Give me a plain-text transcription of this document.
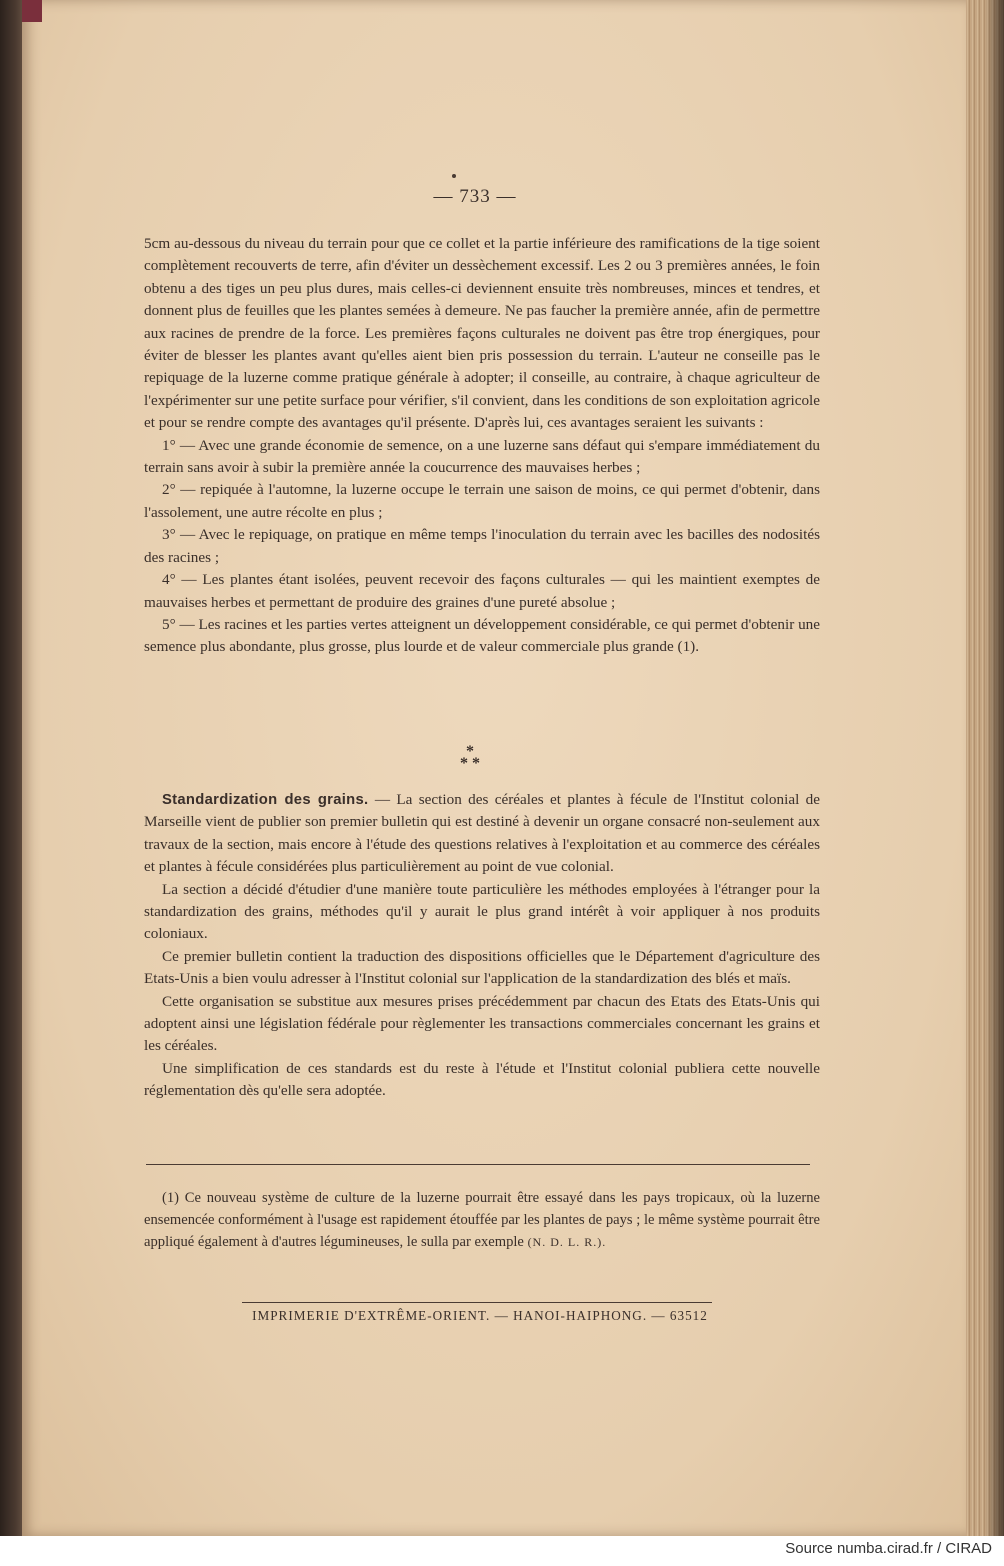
— 733 —

5cm au-dessous du niveau du terrain pour que ce collet et la partie inférieure des ramifications de la tige soient complètement recouverts de terre, afin d'éviter un dessèchement excessif. Les 2 ou 3 premières années, le foin obtenu a des tiges un peu plus dures, mais celles-ci deviennent ensuite très nombreuses, minces et tendres, et donnent plus de feuilles que les plantes semées à demeure. Ne pas faucher la première année, afin de permettre aux racines de prendre de la force. Les premières façons culturales ne doivent pas être trop énergiques, pour éviter de blesser les plantes avant qu'elles aient bien pris possession du terrain. L'auteur ne conseille pas le repiquage de la luzerne comme pratique générale à adopter; il conseille, au contraire, à chaque agriculteur de l'expérimenter sur une petite surface pour vérifier, s'il convient, dans les conditions de son exploitation agricole et pour se rendre compte des avantages qu'il présente. D'après lui, ces avantages seraient les suivants :

1° — Avec une grande économie de semence, on a une luzerne sans défaut qui s'empare immédiatement du terrain sans avoir à subir la première année la coucurrence des mauvaises herbes ;

2° — repiquée à l'automne, la luzerne occupe le terrain une saison de moins, ce qui permet d'obtenir, dans l'assolement, une autre récolte en plus ;

3° — Avec le repiquage, on pratique en même temps l'inoculation du terrain avec les bacilles des nodosités des racines ;

4° — Les plantes étant isolées, peuvent recevoir des façons culturales — qui les maintient exemptes de mauvaises herbes et permettant de produire des graines d'une pureté absolue ;

5° — Les racines et les parties vertes atteignent un développement considérable, ce qui permet d'obtenir une semence plus abondante, plus grosse, plus lourde et de valeur commerciale plus grande (1).

*
* *

Standardization des grains. — La section des céréales et plantes à fécule de l'Institut colonial de Marseille vient de publier son premier bulletin qui est destiné à devenir un organe consacré non-seulement aux travaux de la section, mais encore à l'étude des questions relatives à l'exploitation et au commerce des céréales et plantes à fécule considérées plus particulièrement au point de vue colonial.

La section a décidé d'étudier d'une manière toute particulière les méthodes employées à l'étranger pour la standardization des grains, méthodes qu'il y aurait le plus grand intérêt à voir appliquer à nos produits coloniaux.

Ce premier bulletin contient la traduction des dispositions officielles que le Département d'agriculture des Etats-Unis a bien voulu adresser à l'Institut colonial sur l'application de la standardization des blés et maïs.

Cette organisation se substitue aux mesures prises précédemment par chacun des Etats des Etats-Unis qui adoptent ainsi une législation fédérale pour règlementer les transactions commerciales concernant les grains et les céréales.

Une simplification de ces standards est du reste à l'étude et l'Institut colonial publiera cette nouvelle réglementation dès qu'elle sera adoptée.

(1) Ce nouveau système de culture de la luzerne pourrait être essayé dans les pays tropicaux, où la luzerne ensemencée conformément à l'usage est rapidement étouffée par les plantes de pays ; le même système pourrait être appliqué également à d'autres légumineuses, le sulla par exemple (N. D. L. R.).

IMPRIMERIE D'EXTRÊME-ORIENT. — HANOI-HAIPHONG. — 63512
Source numba.cirad.fr / CIRAD
